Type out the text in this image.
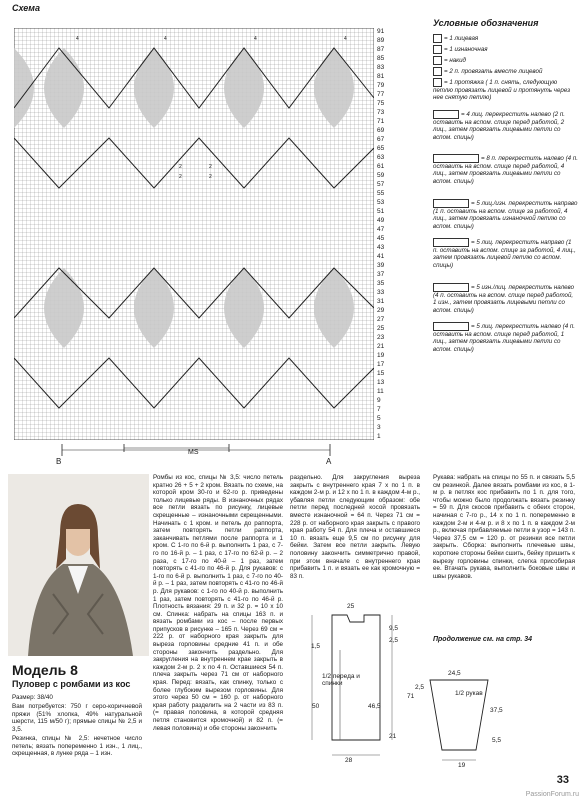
Схема
4	4	4	4
2	2
2	2
91
89
87
85
83
81
79
77
75
73
71
69
67
65
63
61
59
57
55
53
51
49
47
45
43
41
39
37
35
33
31
29
27
25
23
21
19
17
15
13
11
9
7
5
3
1
B
MS
A
Условные обозначения
= 1 лицевая
= 1 изнаночная
= накид
= 2 п. провязать вместе лицевой
= 1 протяжка ( 1 п. снять, следующую петлю провязать лицевой и протянуть через нее снятую петлю)
= 4 лиц. перекрестить налево (2 п. оставить на вспом. спице перед работой, 2 лиц., затем провязать лицевыми петли со вспом. спицы)
= 8 п. перекрестить налево (4 п. оставить на вспом. спице перед работой, 4 лиц., затем провязать лицевыми петли со вспом. спицы)
= 5 лиц./изн. перекрестить направо (1 п. оставить на вспом. спице за работой, 4 лиц., затем провязать изнаночной петлю со вспом. спицы)
= 5 лиц. перекрестить направо (1 п. оставить на вспом. спице за работой, 4 лиц., затем провязать лицевой петлю со вспом. спицы)
= 5 изн./лиц. перекрестить налево (4 п. оставить на вспом. спице перед работой, 1 изн., затем провязать лицевыми петли со вспом. спицы)
= 5 лиц. перекрестить налево (4 п. оставить на вспом. спице перед работой, 1 лиц., затем провязать лицевыми петли со вспом. спицы)
Модель 8
Пуловер с ромбами из кос
Размер: 38/40
Вам потребуется: 750 г серо-коричневой пряжи (51% хлопка, 49% натуральной шерсти, 115 м/50 г); прямые спицы № 2,5 и 3,5.
Резинка, спицы № 2,5: нечетное число петель; вязать попеременно 1 изн., 1 лиц., скрещенная, в лунке ряда – 1 изн.
Ромбы из кос, спицы № 3,5: число петель кратно 26 + 5 + 2 кром. Вязать по схеме, на которой кром 30-го и 62-го р. приведены только лицевые ряды. В изнаночных рядах все петли вязать по рисунку, лицевые скрещенные – изнаночными скрещенными. Начинать с 1 кром. и петель до раппорта, затем повторять петли раппорта, заканчивать петлями после раппорта и 1 кром. С 1-го по 6-й р. выполнить 1 раз, с 7-го по 16-й р. – 1 раз, с 17-го по 62-й р. – 2 раза, с 17-го по 40-й – 1 раз, затем повторять с 41-го по 46-й р. Для рукавов: с 1-го по 6-й р. выполнить 1 раз, с 7-го по 40-й р. – 1 раз, затем повторять с 41-го по 46-й р. Для рукавов: с 1-го по 40-й р. выполнить 1 раз, затем повторять с 41-го по 46-й р. Плотность вязания: 29 п. и 32 р. = 10 х 10 см. Спинка: набрать на спицы 163 п. и вязать ромбами из кос – после первых припусков в рисунке – 165 п. Через 69 см = 222 р. от наборного края закрыть для выреза горловины средние 41 п. и обе стороны закончить раздельно. Для закругления на внутреннем крае закрыть в каждом 2-м р. 2 х по 4 п. Оставшиеся 54 п. плеча закрыть через 71 см от наборного края. Перед: вязать, как спинку, только с более глубоким вырезом горловины. Для этого через 50 см = 160 р. от наборного края работу разделить на 2 части из 83 п. (= правая половина, в которой средняя петля становится кромочной) и 82 п. (= левая половина) и обе стороны закончить
раздельно. Для закругления выреза закрыть с внутреннего края 7 х по 1 п. в каждом 2-м р. и 12 х по 1 п. в каждом 4-м р., убавляя петли следующим образом: обе петли перед последней косой провязать вместе изнаночной = 64 п. Через 71 см = 228 р. от наборного края закрыть с правого края работу 54 п. Для плеча и оставшиеся 10 п. вязать еще 9,5 см по рисунку для бейки. Затем все петли закрыть. Левую половину закончить симметрично правой, при этом вначале с внутреннего края прибавить 1 п. и вязать ее как кромочную = 83 п.
Рукава: набрать на спицы по 55 п. и связать 5,5 см резинкой. Далее вязать ромбами из кос, в 1-м р. в петлях кос прибавить по 1 п. для того, чтобы можно было продолжать вязать резинку = 59 п. Для скосов прибавить с обеих сторон, начиная с 7-го р., 14 х по 1 п. попеременно в каждом 2-м и 4-м р. и 8 х по 1 п. в каждом 2-м р., включая прибавляемые петли в узор = 143 п. Через 37,5 см = 120 р. от резинки все петли закрыть. Сборка: выполнить плечевые швы, короткие стороны бейки сшить, бейку пришить к вырезу горловины спинки, слегка присобирая ее. Втачать рукава, выполнить боковые швы и швы рукавов.
Продолжение см. на стр. 34
1/2 переда и спинки
25
28
9,5
2,5
1,5
50	46,5
71
21
1/2 рукав
24,5
2,5
37,5
5,5
19
33
PassionForum.ru
